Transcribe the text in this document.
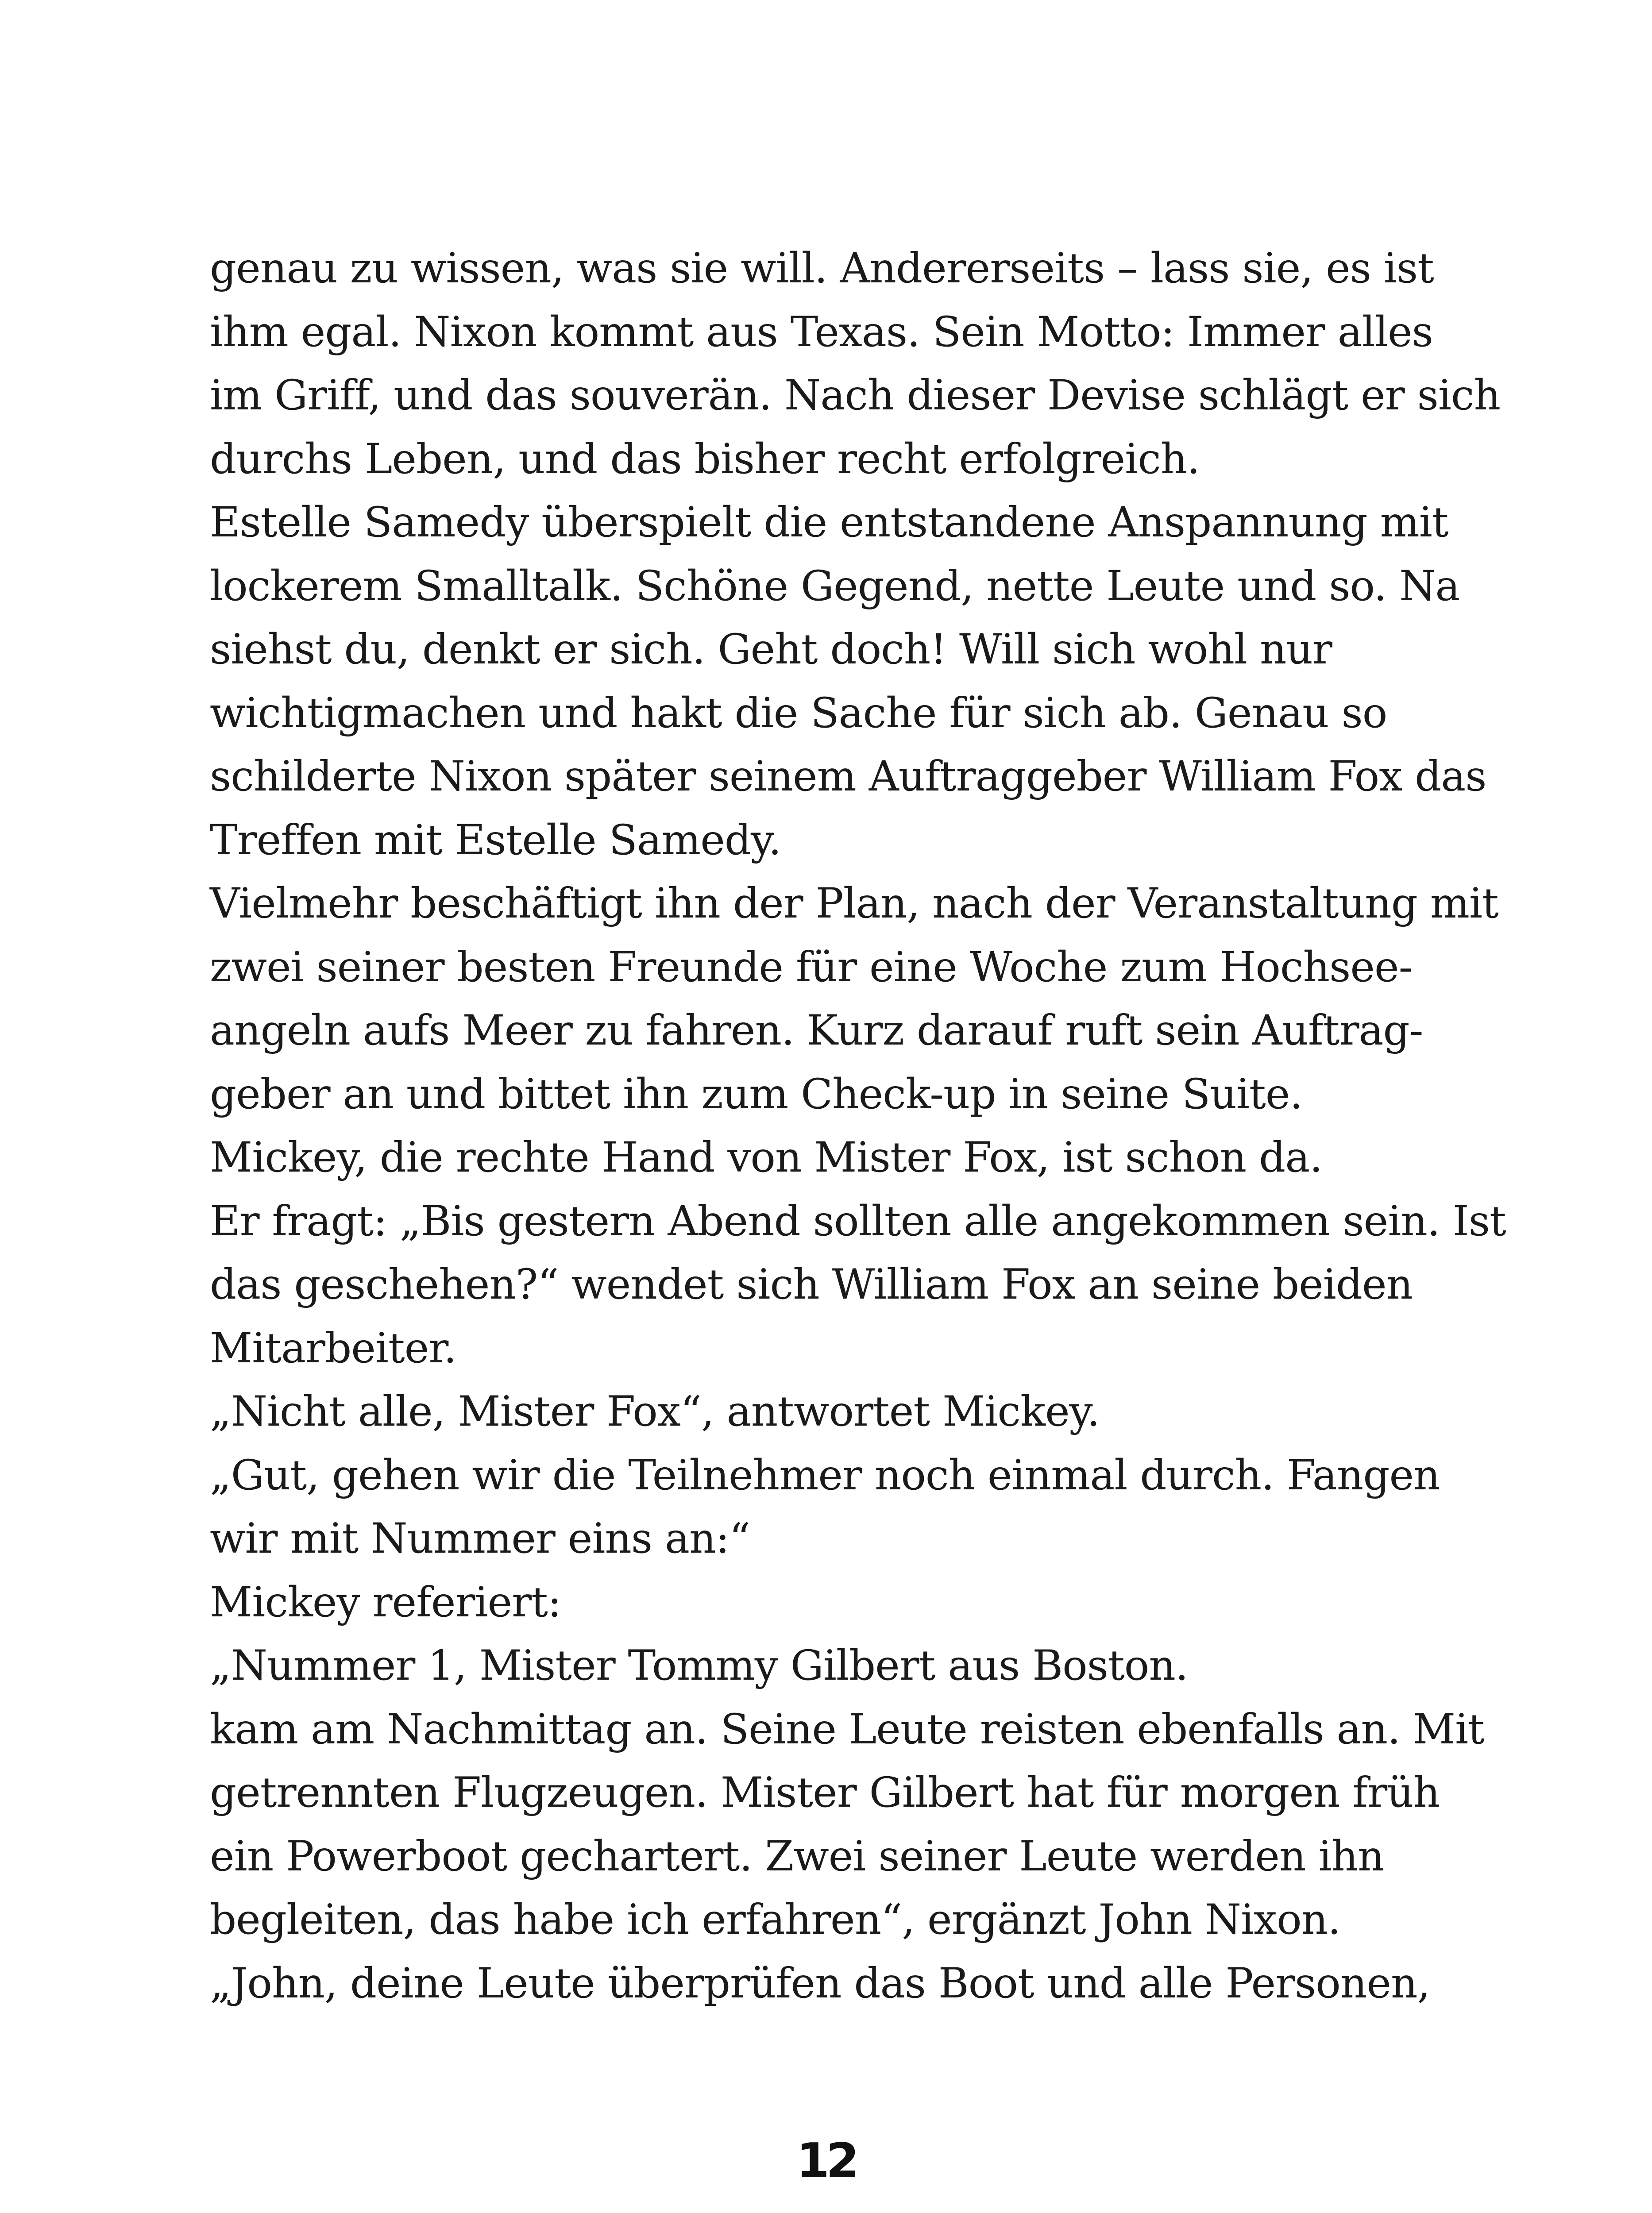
genau zu wissen, was sie will. Andererseits – lass sie, es ist
ihm egal. Nixon kommt aus Texas. Sein Motto: Immer alles
im Griff, und das souverän. Nach dieser Devise schlägt er sich
durchs Leben, und das bisher recht erfolgreich.
Estelle Samedy überspielt die entstandene Anspannung mit
lockerem Smalltalk. Schöne Gegend, nette Leute und so. Na
siehst du, denkt er sich. Geht doch! Will sich wohl nur
wichtigmachen und hakt die Sache für sich ab. Genau so
schilderte Nixon später seinem Auftraggeber William Fox das
Treffen mit Estelle Samedy.
Vielmehr beschäftigt ihn der Plan, nach der Veranstaltung mit
zwei seiner besten Freunde für eine Woche zum Hochsee-
angeln aufs Meer zu fahren. Kurz darauf ruft sein Auftrag-
geber an und bittet ihn zum Check-up in seine Suite.
Mickey, die rechte Hand von Mister Fox, ist schon da.
Er fragt: „Bis gestern Abend sollten alle angekommen sein. Ist
das geschehen?“ wendet sich William Fox an seine beiden
Mitarbeiter.
„Nicht alle, Mister Fox“, antwortet Mickey.
„Gut, gehen wir die Teilnehmer noch einmal durch. Fangen
wir mit Nummer eins an:“
Mickey referiert:
„Nummer 1, Mister Tommy Gilbert aus Boston.
kam am Nachmittag an. Seine Leute reisten ebenfalls an. Mit
getrennten Flugzeugen. Mister Gilbert hat für morgen früh
ein Powerboot gechartert. Zwei seiner Leute werden ihn
begleiten, das habe ich erfahren“, ergänzt John Nixon.
„John, deine Leute überprüfen das Boot und alle Personen,
12
